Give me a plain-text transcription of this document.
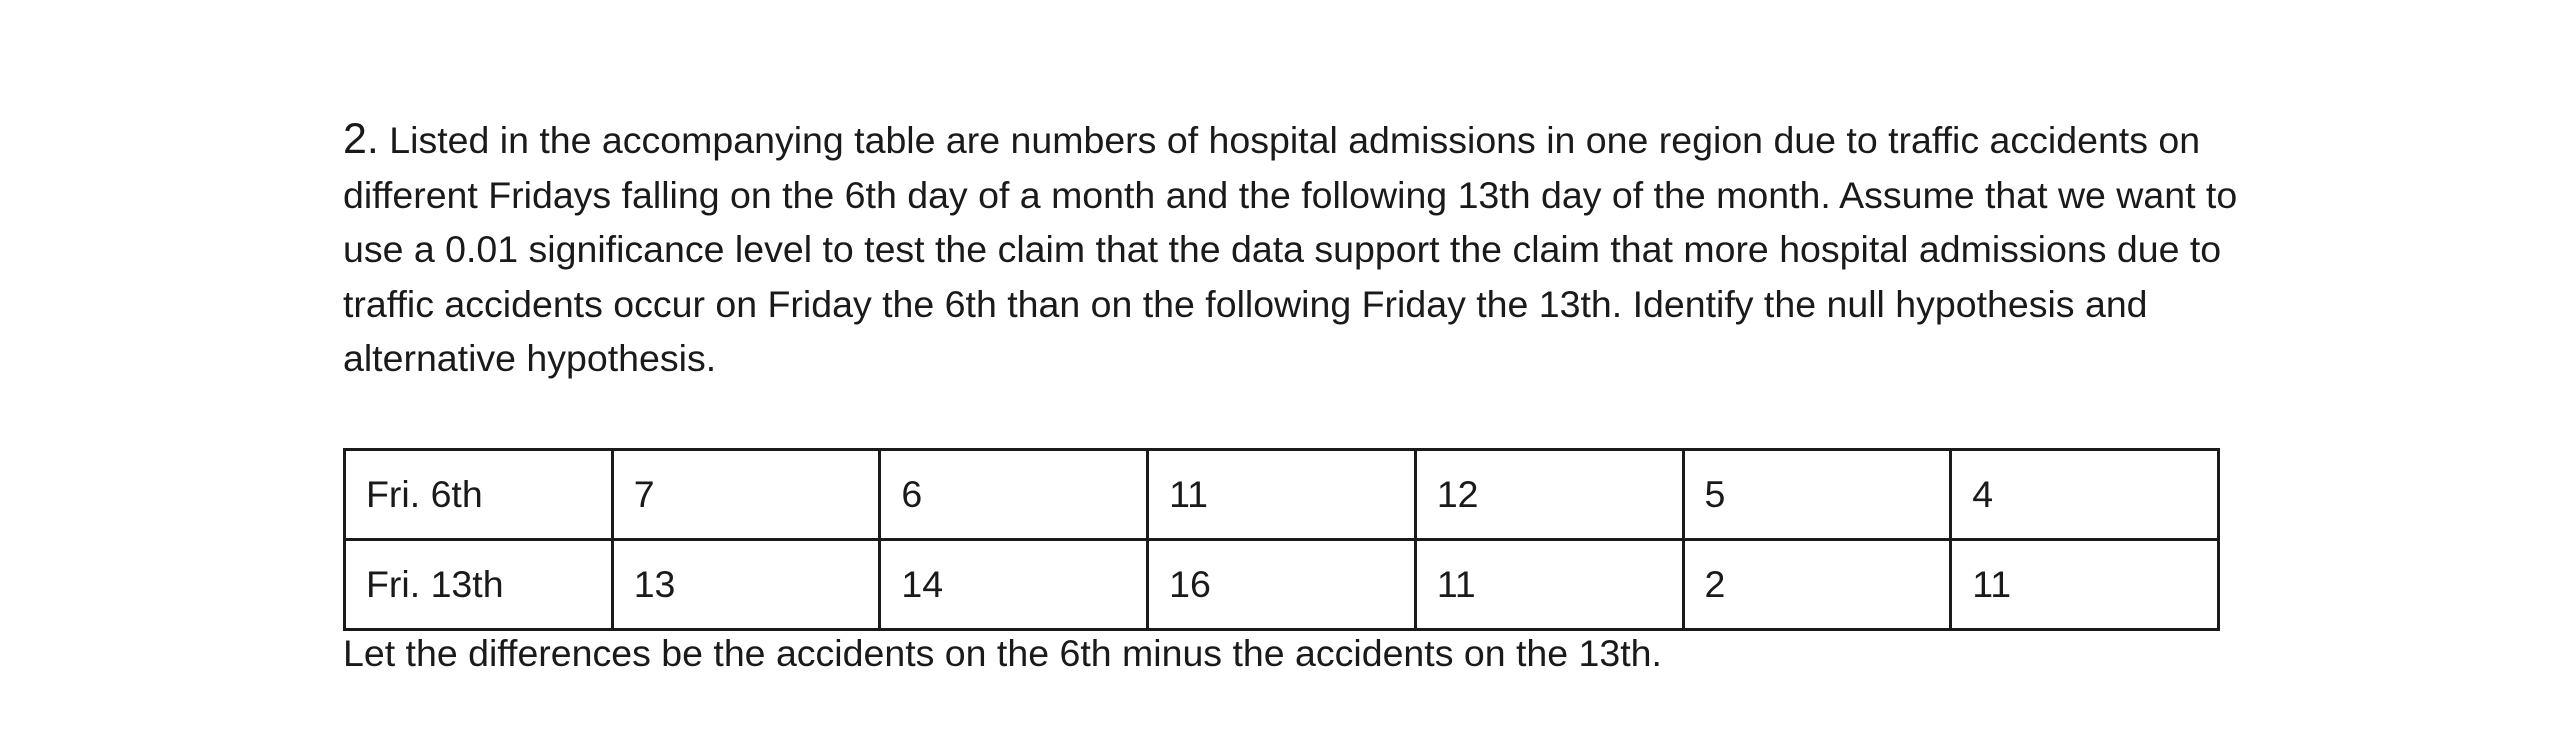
2. Listed in the accompanying table are numbers of hospital admissions in one region due to traffic accidents on different Fridays falling on the 6th day of a month and the following 13th day of the month. Assume that we want to use a 0.01 significance level to test the claim that the data support the claim that more hospital admissions due to traffic accidents occur on Friday the 6th than on the following Friday the 13th. Identify the null hypothesis and alternative hypothesis.

Fri. 6th	7	6	11	12	5	4
Fri. 13th	13	14	16	11	2	11

Let the differences be the accidents on the 6th minus the accidents on the 13th.
